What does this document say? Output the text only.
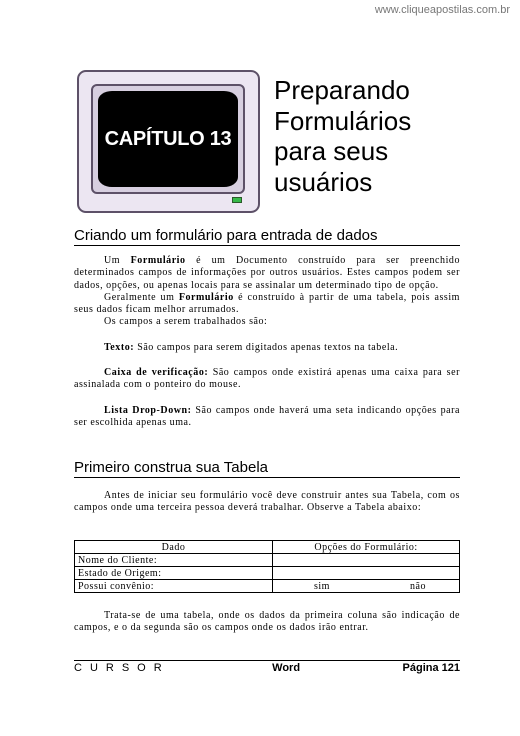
www.cliqueapostilas.com.br
CAPÍTULO 13
Preparando
Formulários
para seus
usuários
Criando um formulário para entrada de dados

Um Formulário é um Documento construído para ser preenchido determinados campos de informações por outros usuários. Estes campos podem ser dados, opções, ou apenas locais para se assinalar um determinado tipo de opção.

Geralmente um Formulário é construído à partir de uma tabela, pois assim seus dados ficam melhor arrumados.

Os campos a serem trabalhados são:

Texto: São campos para serem digitados apenas textos na tabela.

Caixa de verificação: São campos onde existirá apenas uma caixa para ser assinalada com o ponteiro do mouse.

Lista Drop-Down: São campos onde haverá uma seta indicando opções para ser escolhida apenas uma.

Primeiro construa sua Tabela

Antes de iniciar seu formulário você deve construir antes sua Tabela, com os campos onde uma terceira pessoa deverá trabalhar. Observe a Tabela abaixo:

Dado	Opções do Formulário:
Nome do Cliente:	
Estado de Origem:	
Possui convênio:	sim não

Trata-se de uma tabela, onde os dados da primeira coluna são indicação de campos, e o da segunda são os campos onde os dados irão entrar.

CURSOR	Word	Página 121
